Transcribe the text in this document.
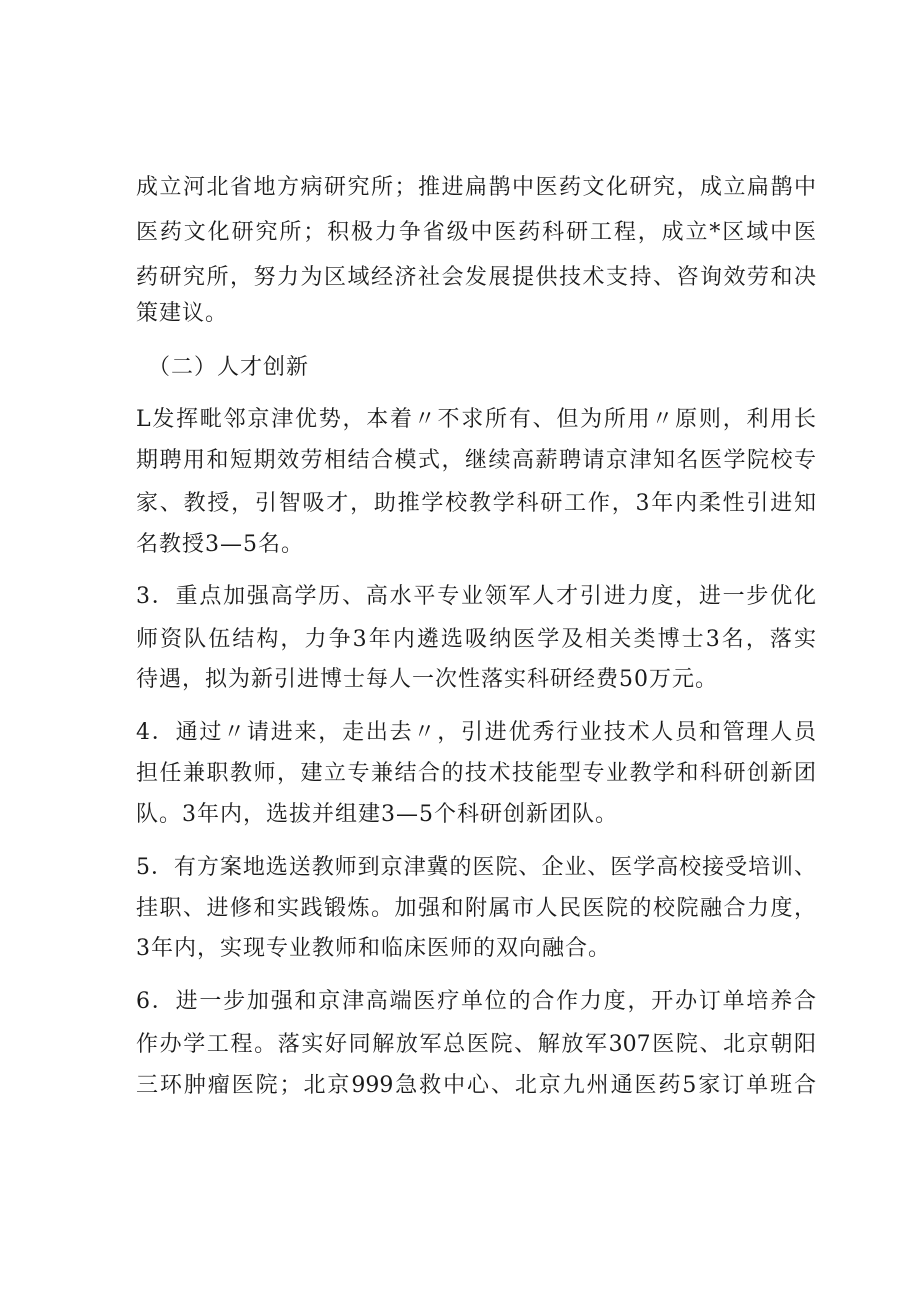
成立河北省地方病研究所；推进扁鹊中医药文化研究，成立扁鹊中
医药文化研究所；积极力争省级中医药科研工程，成立*区域中医
药研究所，努力为区域经济社会发展提供技术支持、咨询效劳和决
策建议。
（二）人才创新
L发挥毗邻京津优势，本着〃不求所有、但为所用〃原则，利用长
期聘用和短期效劳相结合模式，继续高薪聘请京津知名医学院校专
家、教授，引智吸才，助推学校教学科研工作，3年内柔性引进知
名教授3—5名。
3．重点加强高学历、高水平专业领军人才引进力度，进一步优化
师资队伍结构，力争3年内遴选吸纳医学及相关类博士3名，落实
待遇，拟为新引进博士每人一次性落实科研经费50万元。
4．通过〃请进来，走出去〃，引进优秀行业技术人员和管理人员
担任兼职教师，建立专兼结合的技术技能型专业教学和科研创新团
队。3年内，选拔并组建3—5个科研创新团队。
5．有方案地选送教师到京津冀的医院、企业、医学高校接受培训、
挂职、进修和实践锻炼。加强和附属市人民医院的校院融合力度，
3年内，实现专业教师和临床医师的双向融合。
6．进一步加强和京津高端医疗单位的合作力度，开办订单培养合
作办学工程。落实好同解放军总医院、解放军307医院、北京朝阳
三环肿瘤医院；北京999急救中心、北京九州通医药5家订单班合
